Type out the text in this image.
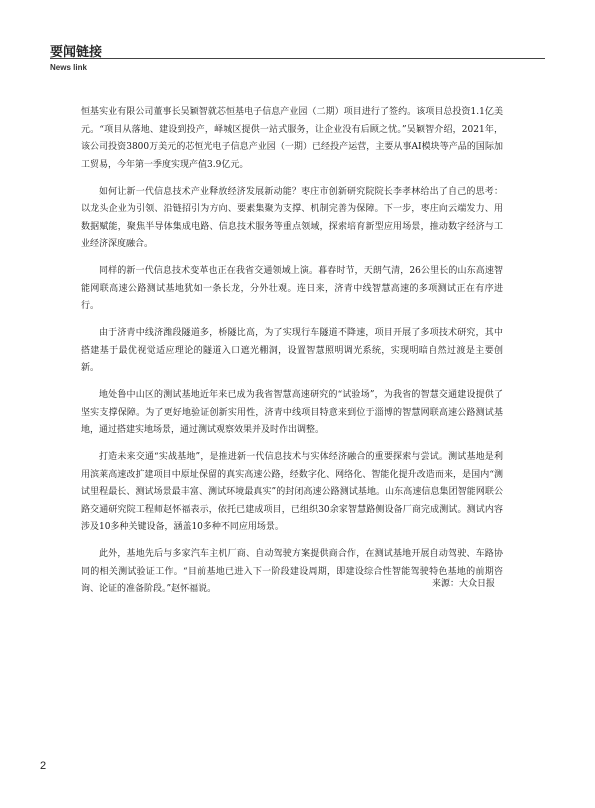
要闻链接
News link

恒基实业有限公司董事长吴颖智就芯恒基电子信息产业园（二期）项目进行了签约。该项目总投资1.1亿美元。“项目从落地、建设到投产，峄城区提供一站式服务，让企业没有后顾之忧。”吴颖智介绍，2021年，该公司投资3800万美元的芯恒光电子信息产业园（一期）已经投产运营，主要从事AI模块等产品的国际加工贸易，今年第一季度实现产值3.9亿元。

如何让新一代信息技术产业释放经济发展新动能？枣庄市创新研究院院长李孝林给出了自己的思考：以龙头企业为引领、沿链招引为方向、要素集聚为支撑、机制完善为保障。下一步，枣庄向云端发力、用数据赋能，聚焦半导体集成电路、信息技术服务等重点领域，探索培育新型应用场景，推动数字经济与工业经济深度融合。

同样的新一代信息技术变革也正在我省交通领域上演。暮春时节，天朗气清，26公里长的山东高速智能网联高速公路测试基地犹如一条长龙，分外壮观。连日来，济青中线智慧高速的多项测试正在有序进行。

由于济青中线济潍段隧道多，桥隧比高，为了实现行车隧道不降速，项目开展了多项技术研究，其中搭建基于最优视觉适应理论的隧道入口遮光棚洞，设置智慧照明调光系统，实现明暗自然过渡是主要创新。

地处鲁中山区的测试基地近年来已成为我省智慧高速研究的“试验场”，为我省的智慧交通建设提供了坚实支撑保障。为了更好地验证创新实用性，济青中线项目特意来到位于淄博的智慧网联高速公路测试基地，通过搭建实地场景，通过测试观察效果并及时作出调整。

打造未来交通“实战基地”，是推进新一代信息技术与实体经济融合的重要探索与尝试。测试基地是利用滨莱高速改扩建项目中原址保留的真实高速公路，经数字化、网络化、智能化提升改造而来，是国内“测试里程最长、测试场景最丰富、测试环境最真实”的封闭高速公路测试基地。山东高速信息集团智能网联公路交通研究院工程师赵怀福表示，依托已建成项目，已组织30余家智慧路侧设备厂商完成测试。测试内容涉及10多种关键设备，涵盖10多种不同应用场景。

此外，基地先后与多家汽车主机厂商、自动驾驶方案提供商合作，在测试基地开展自动驾驶、车路协同的相关测试验证工作。“目前基地已进入下一阶段建设周期，即建设综合性智能驾驶特色基地的前期咨询、论证的准备阶段。”赵怀福说。	来源：大众日报
2
